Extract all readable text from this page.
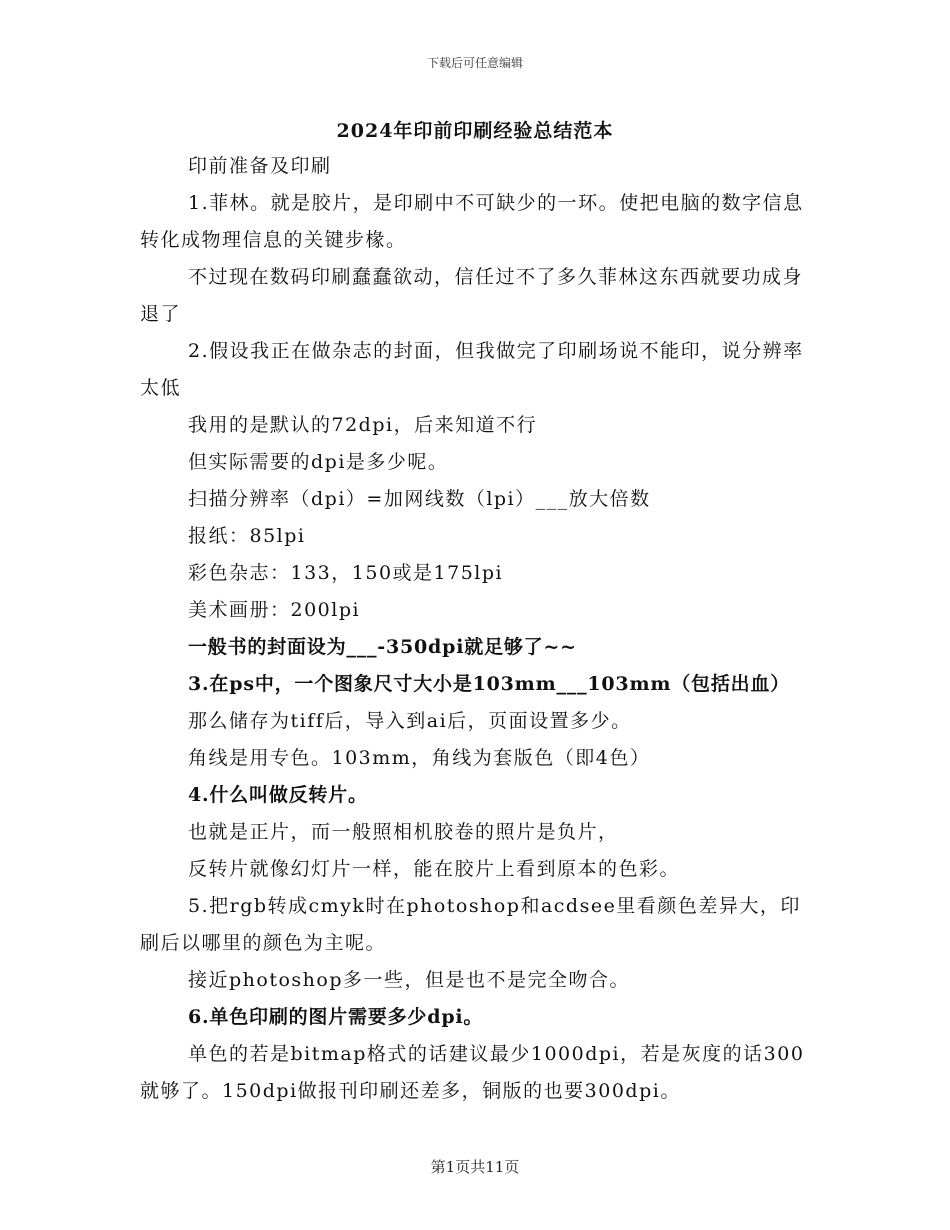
下载后可任意编辑
2024年印前印刷经验总结范本

印前准备及印刷

1.菲林。就是胶片，是印刷中不可缺少的一环。使把电脑的数字信息转化成物理信息的关键步椽。

不过现在数码印刷蠢蠢欲动，信任过不了多久菲林这东西就要功成身退了

2.假设我正在做杂志的封面，但我做完了印刷场说不能印，说分辨率太低

我用的是默认的72dpi，后来知道不行

但实际需要的dpi是多少呢。

扫描分辨率（dpi）=加网线数（lpi）___放大倍数

报纸：85lpi

彩色杂志：133，150或是175lpi

美术画册：200lpi

一般书的封面设为___-350dpi就足够了~~

3.在ps中，一个图象尺寸大小是103mm___103mm（包括出血）

那么储存为tiff后，导入到ai后，页面设置多少。

角线是用专色。103mm，角线为套版色（即4色）

4.什么叫做反转片。

也就是正片，而一般照相机胶卷的照片是负片，

反转片就像幻灯片一样，能在胶片上看到原本的色彩。

5.把rgb转成cmyk时在photoshop和acdsee里看颜色差异大，印刷后以哪里的颜色为主呢。

接近photoshop多一些，但是也不是完全吻合。

6.单色印刷的图片需要多少dpi。

单色的若是bitmap格式的话建议最少1000dpi，若是灰度的话300就够了。150dpi做报刊印刷还差多，铜版的也要300dpi。

第1页共11页
